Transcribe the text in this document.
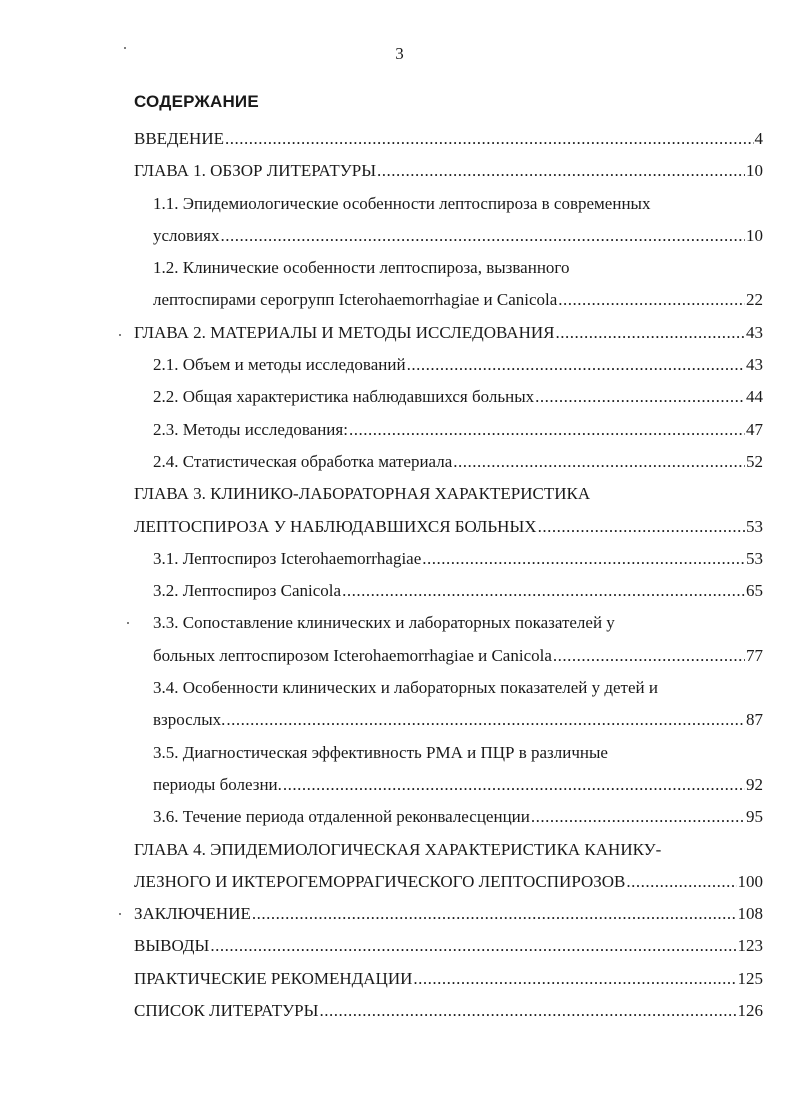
3
СОДЕРЖАНИЕ
ВВЕДЕНИЕ .....	4
ГЛАВА 1. ОБЗОР ЛИТЕРАТУРЫ .....	10
1.1. Эпидемиологические особенности лептоспироза в современных
условиях .....	10
1.2. Клинические особенности лептоспироза, вызванного
лептоспирами серогрупп Icterohaemorrhagiae и Canicola .....	22
ГЛАВА 2. МАТЕРИАЛЫ И МЕТОДЫ ИССЛЕДОВАНИЯ .....	43
2.1. Объем и методы исследований .....	43
2.2. Общая характеристика наблюдавшихся больных .....	44
2.3. Методы исследования: .....	47
2.4. Статистическая обработка материала .....	52
ГЛАВА 3. КЛИНИКО-ЛАБОРАТОРНАЯ ХАРАКТЕРИСТИКА
ЛЕПТОСПИРОЗА У НАБЛЮДАВШИХСЯ БОЛЬНЫХ .....	53
3.1. Лептоспироз Icterohaemorrhagiae .....	53
3.2. Лептоспироз Canicola .....	65
3.3. Сопоставление клинических и лабораторных показателей у
больных лептоспирозом Icterohaemorrhagiae и Canicola .....	77
3.4. Особенности клинических и лабораторных показателей у детей и
взрослых. .....	87
3.5. Диагностическая эффективность РМА и ПЦР в различные
периоды болезни. .....	92
3.6. Течение периода отдаленной реконвалесценции .....	95
ГЛАВА 4. ЭПИДЕМИОЛОГИЧЕСКАЯ ХАРАКТЕРИСТИКА КАНИКУ-
ЛЕЗНОГО И ИКТЕРОГЕМОРРАГИЧЕСКОГО ЛЕПТОСПИРОЗОВ .....	100
ЗАКЛЮЧЕНИЕ .....	108
ВЫВОДЫ .....	123
ПРАКТИЧЕСКИЕ РЕКОМЕНДАЦИИ .....	125
СПИСОК ЛИТЕРАТУРЫ .....	126
